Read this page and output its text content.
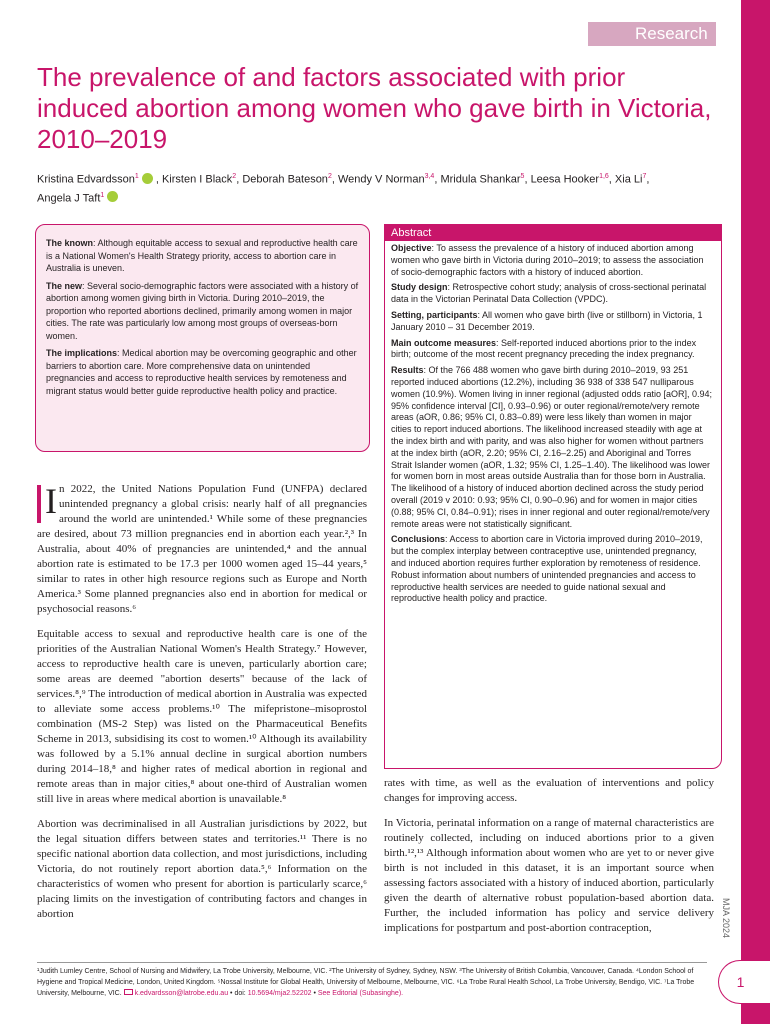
MJA 2024
1
Research
The prevalence of and factors associated with prior induced abortion among women who gave birth in Victoria, 2010–2019
Kristina Edvardsson$^1$  , Kirsten I Black$^2$, Deborah Bateson$^2$, Wendy V Norman$^{3,4}$, Mridula Shankar$^5$, Leesa Hooker$^{1,6}$, Xia Li$^7$,
Angela J Taft$^1$

The known: Although equitable access to sexual and reproductive health care is a National Women's Health Strategy priority, access to abortion care in Australia is uneven.

The new: Several socio-demographic factors were associated with a history of abortion among women giving birth in Victoria. During 2010–2019, the proportion who reported abortions declined, primarily among women in major cities. The rate was particularly low among most groups of overseas-born women.

The implications: Medical abortion may be overcoming geographic and other barriers to abortion care. More comprehensive data on unintended pregnancies and access to reproductive health services by remoteness and migrant status would better guide reproductive health policy and practice.

Abstract

Objective: To assess the prevalence of a history of induced abortion among women who gave birth in Victoria during 2010–2019; to assess the association of socio-demographic factors with a history of induced abortion.

Study design: Retrospective cohort study; analysis of cross-sectional perinatal data in the Victorian Perinatal Data Collection (VPDC).

Setting, participants: All women who gave birth (live or stillborn) in Victoria, 1 January 2010 – 31 December 2019.

Main outcome measures: Self-reported induced abortions prior to the index birth; outcome of the most recent pregnancy preceding the index pregnancy.

Results: Of the 766 488 women who gave birth during 2010–2019, 93 251 reported induced abortions (12.2%), including 36 938 of 338 547 nulliparous women (10.9%). Women living in inner regional (adjusted odds ratio [aOR], 0.94; 95% confidence interval [CI], 0.93–0.96) or outer regional/remote/very remote areas (aOR, 0.86; 95% CI, 0.83–0.89) were less likely than women in major cities to report induced abortions. The likelihood increased steadily with age at the index birth and with parity, and was also higher for women without partners at the index birth (aOR, 2.20; 95% CI, 2.16–2.25) and Aboriginal and Torres Strait Islander women (aOR, 1.32; 95% CI, 1.25–1.40). The likelihood was lower for women born in most areas outside Australia than for those born in Australia. The likelihood of a history of induced abortion declined across the study period overall (2019 v 2010: 0.93; 95% CI, 0.90–0.96) and for women in major cities (0.88; 95% CI, 0.84–0.91); rises in inner regional and outer regional/remote/very remote areas were not statistically significant.

Conclusions: Access to abortion care in Victoria improved during 2010–2019, but the complex interplay between contraceptive use, unintended pregnancy, and induced abortion requires further exploration by remoteness of residence. Robust information about numbers of unintended pregnancies and access to reproductive health services are needed to guide national sexual and reproductive health policy and practice.

In 2022, the United Nations Population Fund (UNFPA) declared unintended pregnancy a global crisis: nearly half of all pregnancies around the world are unintended.¹ While some of these pregnancies are desired, about 73 million pregnancies end in abortion each year.²,³ In Australia, about 40% of pregnancies are unintended,⁴ and the annual abortion rate is estimated to be 17.3 per 1000 women aged 15–44 years,⁵ similar to rates in other high resource regions such as Europe and North America.³ Some planned pregnancies also end in abortion for medical or psychosocial reasons.⁶

Equitable access to sexual and reproductive health care is one of the priorities of the Australian National Women's Health Strategy.⁷ However, access to reproductive health care is uneven, particularly abortion care; some areas are deemed "abortion deserts" because of the lack of services.⁸,⁹ The introduction of medical abortion in Australia was expected to alleviate some access problems.¹⁰ The mifepristone–misoprostol combination (MS-2 Step) was listed on the Pharmaceutical Benefits Scheme in 2013, subsidising its cost to women.¹⁰ Although its availability was followed by a 5.1% annual decline in surgical abortion numbers during 2014–18,⁸ and higher rates of medical abortion in regional and remote areas than in major cities,⁸ about one-third of Australian women still live in areas where medical abortion is unavailable.⁸

Abortion was decriminalised in all Australian jurisdictions by 2022, but the legal situation differs between states and territories.¹¹ There is no specific national abortion data collection, and most jurisdictions, including Victoria, do not routinely report abortion data.⁵,⁶ Information on the characteristics of women who present for abortion is particularly scarce,⁶ placing limits on the investigation of contributing factors and changes in abortion

rates with time, as well as the evaluation of interventions and policy changes for improving access.

In Victoria, perinatal information on a range of maternal characteristics are routinely collected, including on induced abortions prior to a given birth.¹²,¹³ Although information about women who are yet to or never give birth is not included in this dataset, it is an important source when assessing factors associated with a history of induced abortion, particularly given the dearth of alternative robust population-based abortion data. Further, the included information has policy and service delivery implications for postpartum and post-abortion contraception,

¹Judith Lumley Centre, School of Nursing and Midwifery, La Trobe University, Melbourne, VIC. ²The University of Sydney, Sydney, NSW. ³The University of British Columbia, Vancouver, Canada. ⁴London School of Hygiene and Tropical Medicine, London, United Kingdom. ⁵Nossal Institute for Global Health, University of Melbourne, Melbourne, VIC. ⁶La Trobe Rural Health School, La Trobe University, Bendigo, VIC. ⁷La Trobe University, Melbourne, VIC. k.edvardsson@latrobe.edu.au • doi: 10.5694/mja2.52202 • See Editorial (Subasinghe).
